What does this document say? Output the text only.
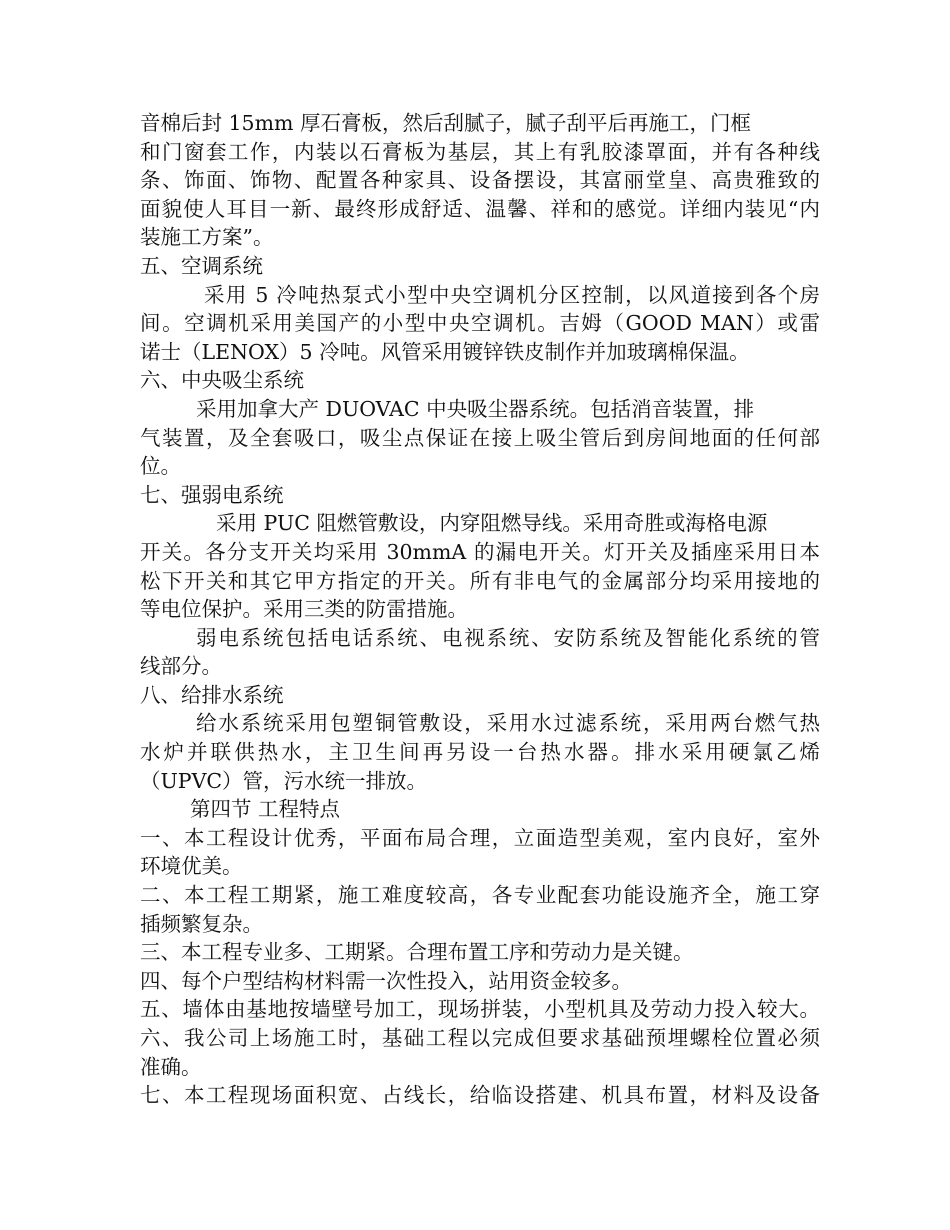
音棉后封 15mm 厚石膏板，然后刮腻子，腻子刮平后再施工，门框
和门窗套工作，内装以石膏板为基层，其上有乳胶漆罩面，并有各种线
条、饰面、饰物、配置各种家具、设备摆设，其富丽堂皇、高贵雅致的
面貌使人耳目一新、最终形成舒适、温馨、祥和的感觉。详细内装见“内
装施工方案”。
五、空调系统
采用 5 冷吨热泵式小型中央空调机分区控制，以风道接到各个房
间。空调机采用美国产的小型中央空调机。吉姆（GOOD MAN）或雷
诺士（LENOX）5 冷吨。风管采用镀锌铁皮制作并加玻璃棉保温。
六、中央吸尘系统
采用加拿大产 DUOVAC 中央吸尘器系统。包括消音装置，排
气装置，及全套吸口，吸尘点保证在接上吸尘管后到房间地面的任何部
位。
七、强弱电系统
采用 PUC 阻燃管敷设，内穿阻燃导线。采用奇胜或海格电源
开关。各分支开关均采用 30mmA 的漏电开关。灯开关及插座采用日本
松下开关和其它甲方指定的开关。所有非电气的金属部分均采用接地的
等电位保护。采用三类的防雷措施。
弱电系统包括电话系统、电视系统、安防系统及智能化系统的管
线部分。
八、给排水系统
给水系统采用包塑铜管敷设，采用水过滤系统，采用两台燃气热
水炉并联供热水，主卫生间再另设一台热水器。排水采用硬氯乙烯
（UPVC）管，污水统一排放。
第四节 工程特点
一、本工程设计优秀，平面布局合理，立面造型美观，室内良好，室外
环境优美。
二、本工程工期紧，施工难度较高，各专业配套功能设施齐全，施工穿
插频繁复杂。
三、本工程专业多、工期紧。合理布置工序和劳动力是关键。
四、每个户型结构材料需一次性投入，站用资金较多。
五、墙体由基地按墙壁号加工，现场拼装，小型机具及劳动力投入较大。
六、我公司上场施工时，基础工程以完成但要求基础预埋螺栓位置必须
准确。
七、本工程现场面积宽、占线长，给临设搭建、机具布置，材料及设备
